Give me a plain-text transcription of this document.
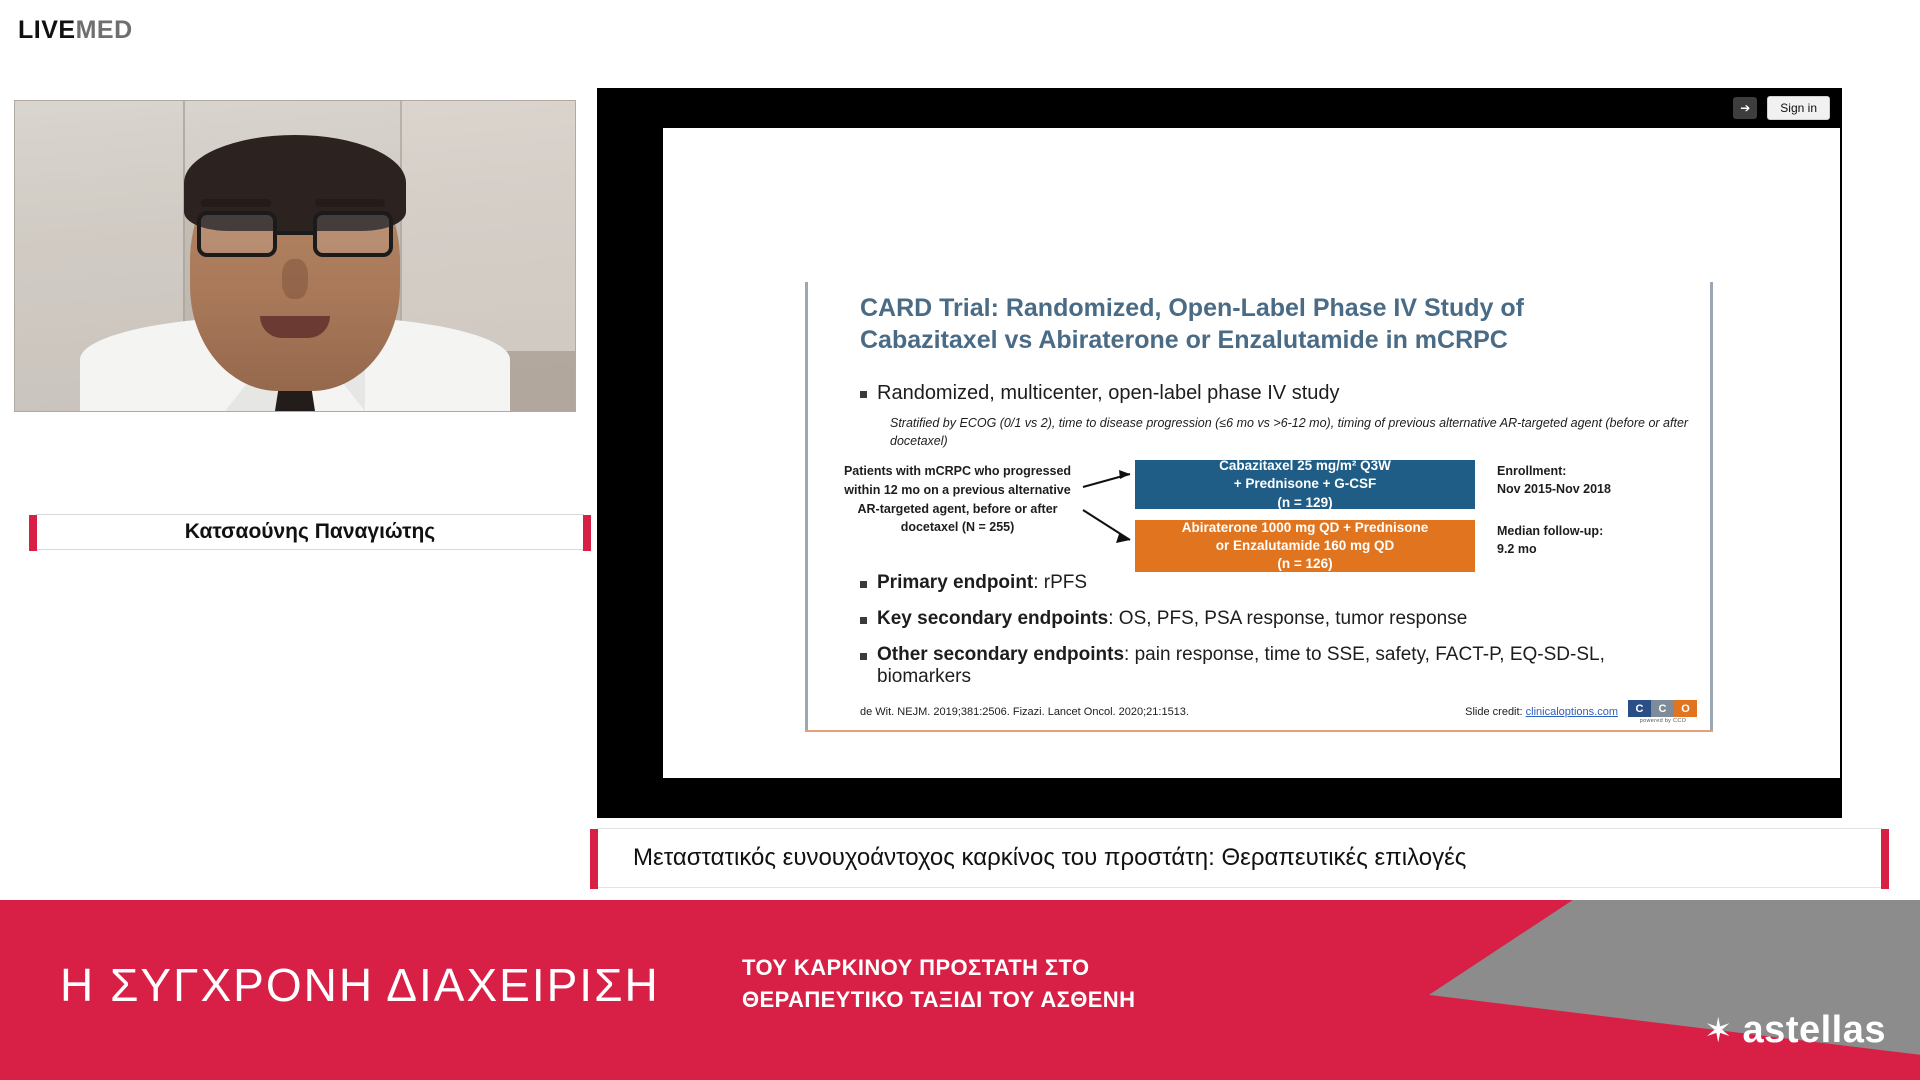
LIVEMED
Κατσαούνης Παναγιώτης
➔	Sign in
CARD Trial: Randomized, Open-Label Phase IV Study of Cabazitaxel vs Abiraterone or Enzalutamide in mCRPC
Randomized, multicenter, open-label phase IV study
Stratified by ECOG (0/1 vs 2), time to disease progression (≤6 mo vs >6-12 mo), timing of previous alternative AR-targeted agent (before or after docetaxel)
Patients with mCRPC who progressed within 12 mo on a previous alternative AR-targeted agent, before or after docetaxel (N = 255)
Cabazitaxel 25 mg/m² Q3W
+ Prednisone + G-CSF
(n = 129)
Abiraterone 1000 mg QD + Prednisone
or Enzalutamide 160 mg QD
(n = 126)
Enrollment:
Nov 2015-Nov 2018
Median follow-up:
9.2 mo
Primary endpoint: rPFS
Key secondary endpoints: OS, PFS, PSA response, tumor response
Other secondary endpoints: pain response, time to SSE, safety, FACT-P, EQ-SD-SL, biomarkers
de Wit. NEJM. 2019;381:2506. Fizazi. Lancet Oncol. 2020;21:1513.	Slide credit: clinicaloptions.com	C	C	O
powered by CCO
Μεταστατικός ευνουχοάντοχος καρκίνος του προστάτη: Θεραπευτικές επιλογές
Η ΣΥΓΧΡΟΝΗ ΔΙΑΧΕΙΡΙΣΗ	ΤΟΥ ΚΑΡΚΙΝΟΥ ΠΡΟΣΤΑΤΗ ΣΤΟ
ΘΕΡΑΠΕΥΤΙΚΟ ΤΑΞΙΔΙ ΤΟΥ ΑΣΘΕΝΗ
✶ astellas
